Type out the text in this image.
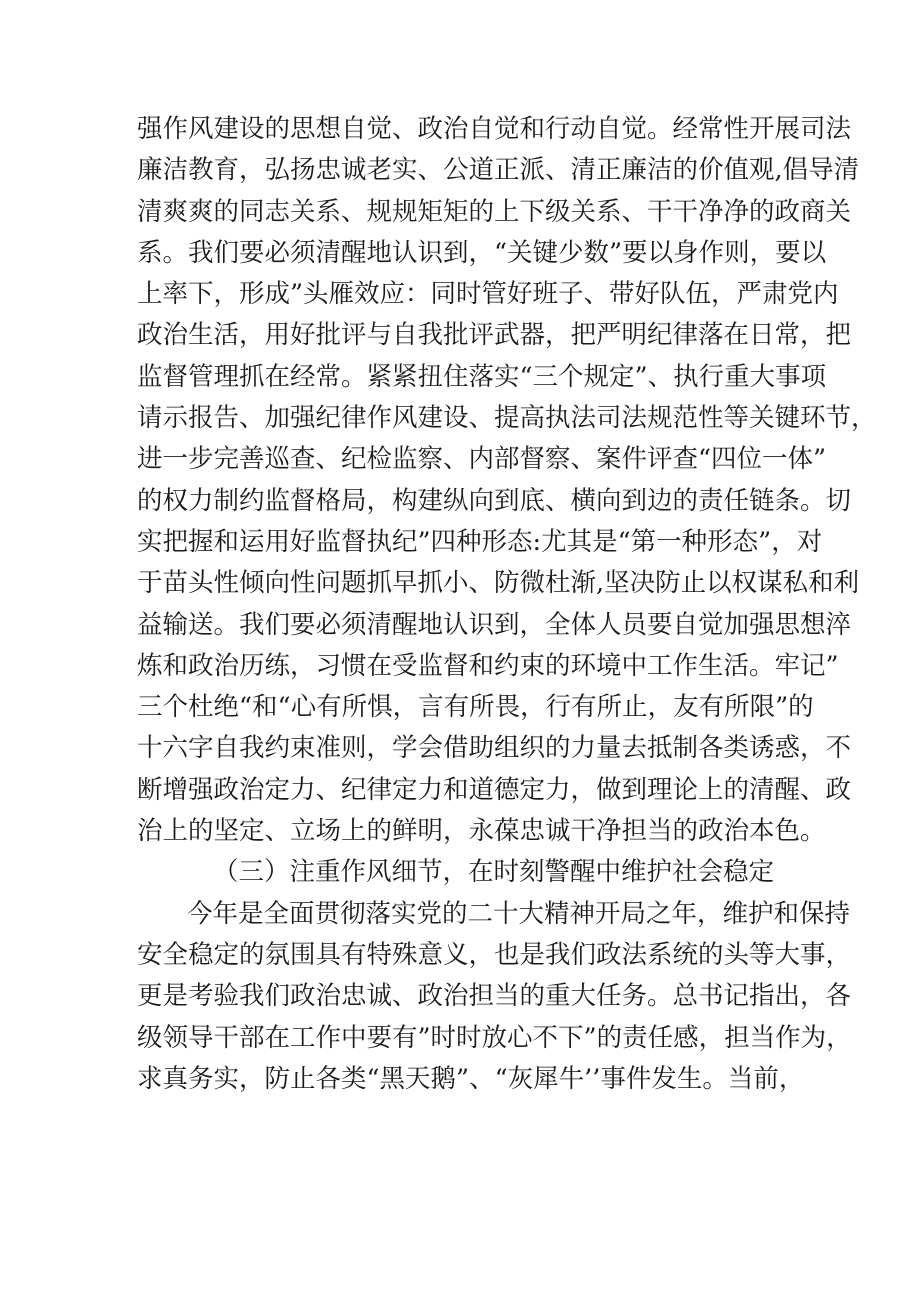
强作风建设的思想自觉、政治自觉和行动自觉。经常性开展司法
廉洁教育，弘扬忠诚老实、公道正派、清正廉洁的价值观,倡导清
清爽爽的同志关系、规规矩矩的上下级关系、干干净净的政商关
系。我们要必须清醒地认识到，“关键少数”要以身作则，要以
上率下，形成”头雁效应：同时管好班子、带好队伍，严肃党内
政治生活，用好批评与自我批评武器，把严明纪律落在日常，把
监督管理抓在经常。紧紧扭住落实“三个规定”、执行重大事项
请示报告、加强纪律作风建设、提高执法司法规范性等关键环节，
进一步完善巡查、纪检监察、内部督察、案件评查“四位一体”
的权力制约监督格局，构建纵向到底、横向到边的责任链条。切
实把握和运用好监督执纪”四种形态:尤其是“第一种形态”，对
于苗头性倾向性问题抓早抓小、防微杜渐,坚决防止以权谋私和利
益输送。我们要必须清醒地认识到，全体人员要自觉加强思想淬
炼和政治历练，习惯在受监督和约束的环境中工作生活。牢记”
三个杜绝“和“心有所惧，言有所畏，行有所止，友有所限”的
十六字自我约束准则，学会借助组织的力量去抵制各类诱惑，不
断增强政治定力、纪律定力和道德定力，做到理论上的清醒、政
治上的坚定、立场上的鲜明，永葆忠诚干净担当的政治本色。
（三）注重作风细节，在时刻警醒中维护社会稳定
今年是全面贯彻落实党的二十大精神开局之年，维护和保持
安全稳定的氛围具有特殊意义，也是我们政法系统的头等大事，
更是考验我们政治忠诚、政治担当的重大任务。总书记指出，各
级领导干部在工作中要有”时时放心不下”的责任感，担当作为，
求真务实，防止各类“黑天鹅”、“灰犀牛’’事件发生。当前，
